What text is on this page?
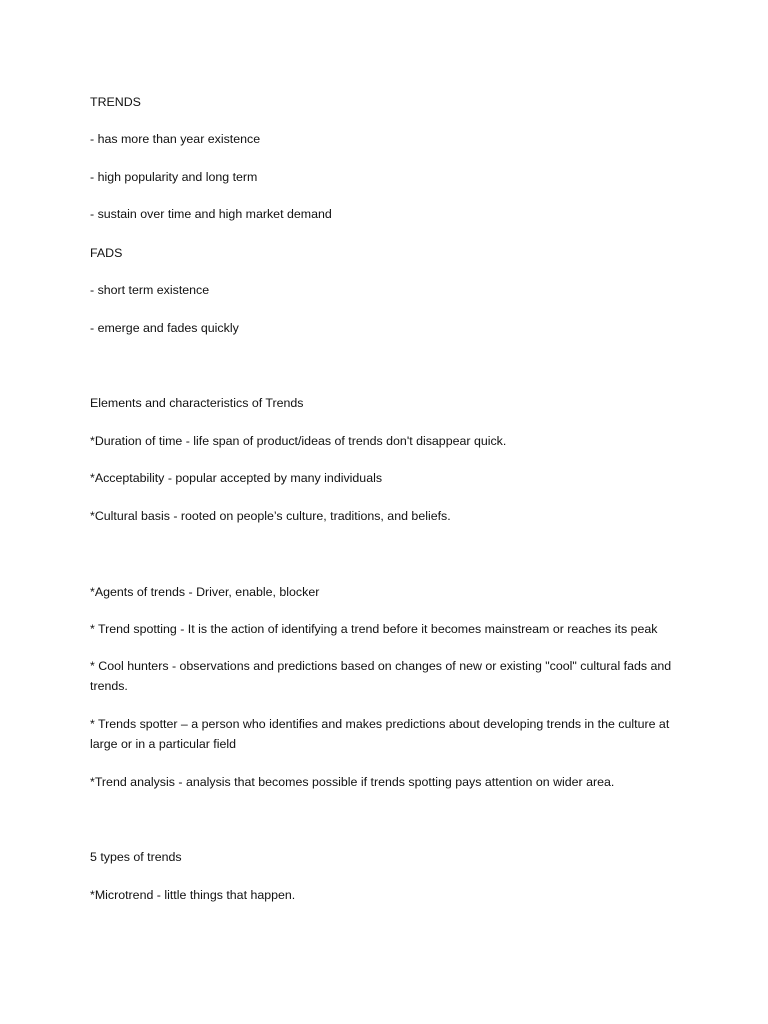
TRENDS

- has more than year existence

- high popularity and long term

- sustain over time and high market demand

FADS

- short term existence

- emerge and fades quickly

Elements and characteristics of Trends

*Duration of time - life span of product/ideas of trends don't disappear quick.

*Acceptability - popular accepted by many individuals

*Cultural basis - rooted on people’s culture, traditions, and beliefs.

*Agents of trends - Driver, enable, blocker

* Trend spotting - It is the action of identifying a trend before it becomes mainstream or reaches its peak

* Cool hunters - observations and predictions based on changes of new or existing "cool" cultural fads and trends.

* Trends spotter – a person who identifies and makes predictions about developing trends in the culture at large or in a particular field

*Trend analysis - analysis that becomes possible if trends spotting pays attention on wider area.

5 types of trends

*Microtrend - little things that happen.
